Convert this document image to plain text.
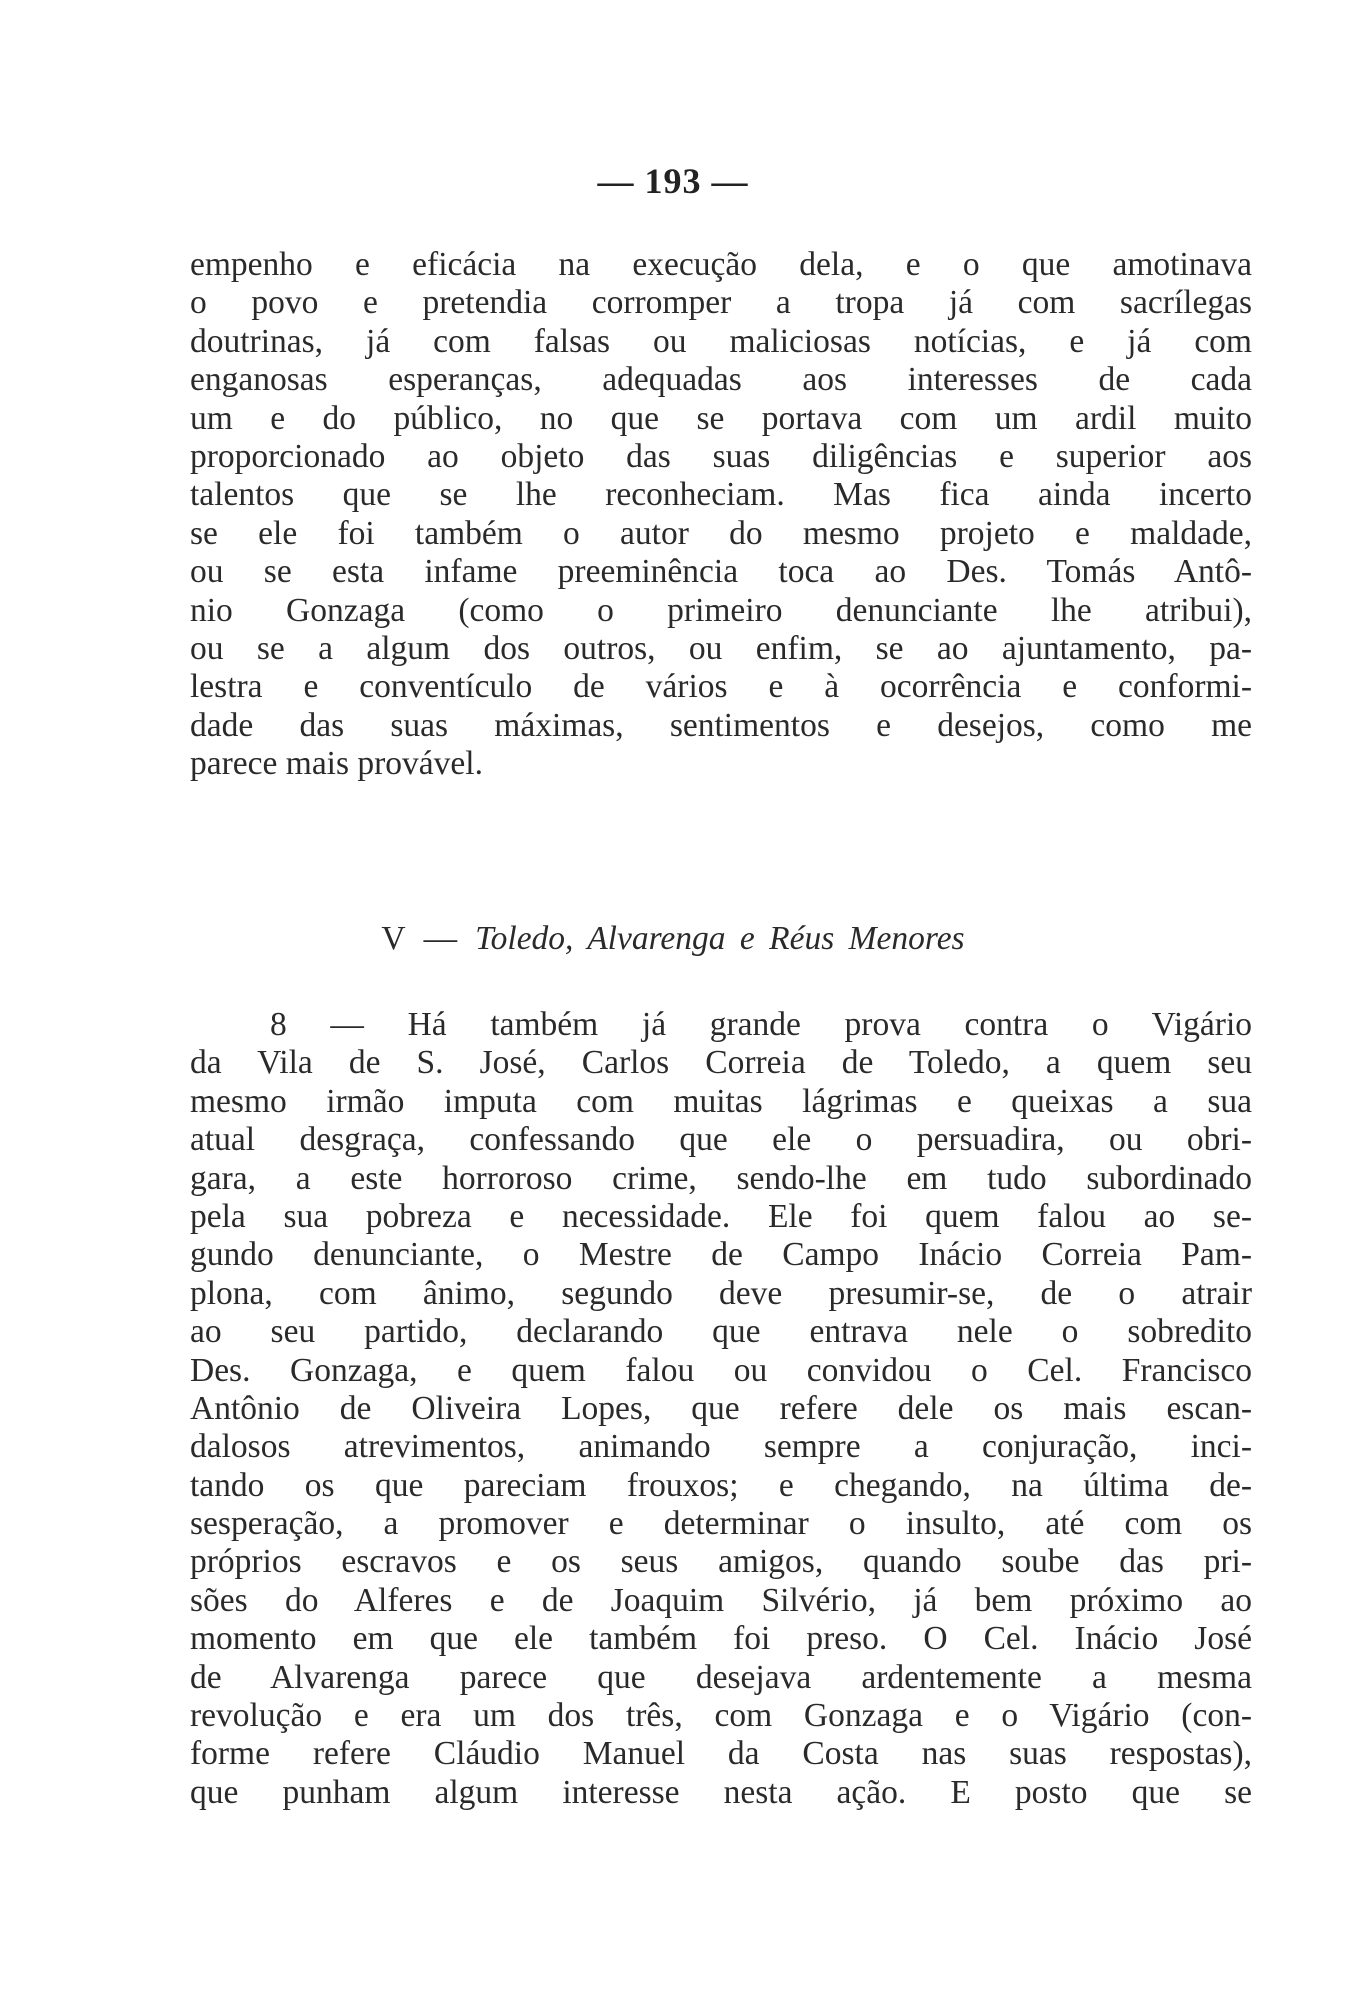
— 193 —
empenho e eficácia na execução dela, e o que amotinava
o povo e pretendia corromper a tropa já com sacrílegas
doutrinas, já com falsas ou maliciosas notícias, e já com
enganosas esperanças, adequadas aos interesses de cada
um e do público, no que se portava com um ardil muito
proporcionado ao objeto das suas diligências e superior aos
talentos que se lhe reconheciam. Mas fica ainda incerto
se ele foi também o autor do mesmo projeto e maldade,
ou se esta infame preeminência toca ao Des. Tomás Antô-
nio Gonzaga (como o primeiro denunciante lhe atribui),
ou se a algum dos outros, ou enfim, se ao ajuntamento, pa-
lestra e conventículo de vários e à ocorrência e conformi-
dade das suas máximas, sentimentos e desejos, como me
parece mais provável.
V — Toledo, Alvarenga e Réus Menores
8 — Há também já grande prova contra o Vigário
da Vila de S. José, Carlos Correia de Toledo, a quem seu
mesmo irmão imputa com muitas lágrimas e queixas a sua
atual desgraça, confessando que ele o persuadira, ou obri-
gara, a este horroroso crime, sendo-lhe em tudo subordinado
pela sua pobreza e necessidade. Ele foi quem falou ao se-
gundo denunciante, o Mestre de Campo Inácio Correia Pam-
plona, com ânimo, segundo deve presumir-se, de o atrair
ao seu partido, declarando que entrava nele o sobredito
Des. Gonzaga, e quem falou ou convidou o Cel. Francisco
Antônio de Oliveira Lopes, que refere dele os mais escan-
dalosos atrevimentos, animando sempre a conjuração, inci-
tando os que pareciam frouxos; e chegando, na última de-
sesperação, a promover e determinar o insulto, até com os
próprios escravos e os seus amigos, quando soube das pri-
sões do Alferes e de Joaquim Silvério, já bem próximo ao
momento em que ele também foi preso. O Cel. Inácio José
de Alvarenga parece que desejava ardentemente a mesma
revolução e era um dos três, com Gonzaga e o Vigário (con-
forme refere Cláudio Manuel da Costa nas suas respostas),
que punham algum interesse nesta ação. E posto que se
